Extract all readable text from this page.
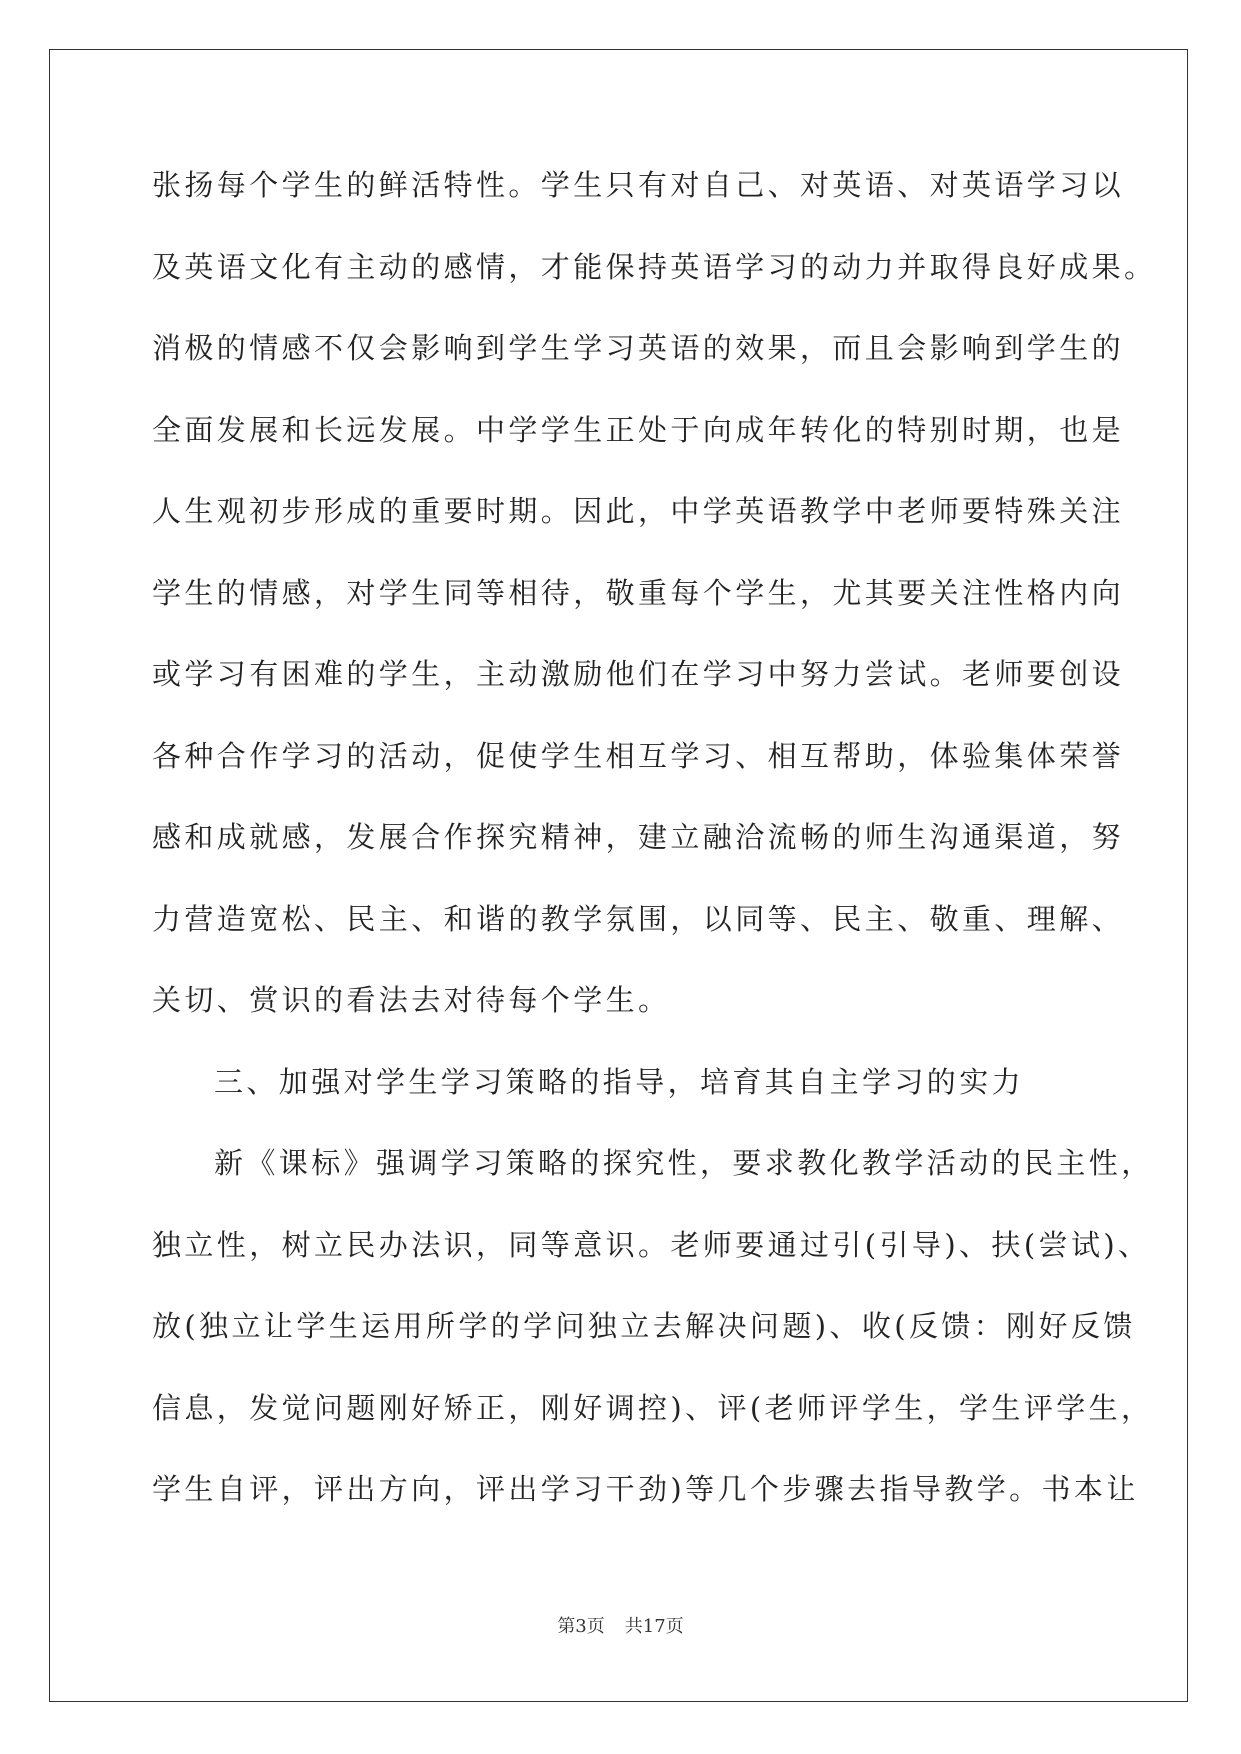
张扬每个学生的鲜活特性。学生只有对自己、对英语、对英语学习以
及英语文化有主动的感情，才能保持英语学习的动力并取得良好成果。
消极的情感不仅会影响到学生学习英语的效果，而且会影响到学生的
全面发展和长远发展。中学学生正处于向成年转化的特别时期，也是
人生观初步形成的重要时期。因此，中学英语教学中老师要特殊关注
学生的情感，对学生同等相待，敬重每个学生，尤其要关注性格内向
或学习有困难的学生，主动激励他们在学习中努力尝试。老师要创设
各种合作学习的活动，促使学生相互学习、相互帮助，体验集体荣誉
感和成就感，发展合作探究精神，建立融洽流畅的师生沟通渠道，努
力营造宽松、民主、和谐的教学氛围，以同等、民主、敬重、理解、
关切、赏识的看法去对待每个学生。
三、加强对学生学习策略的指导，培育其自主学习的实力
新《课标》强调学习策略的探究性，要求教化教学活动的民主性，
独立性，树立民办法识，同等意识。老师要通过引(引导)、扶(尝试)、
放(独立让学生运用所学的学问独立去解决问题)、收(反馈：刚好反馈
信息，发觉问题刚好矫正，刚好调控)、评(老师评学生，学生评学生，
学生自评，评出方向，评出学习干劲)等几个步骤去指导教学。书本让
第3页 共17页
